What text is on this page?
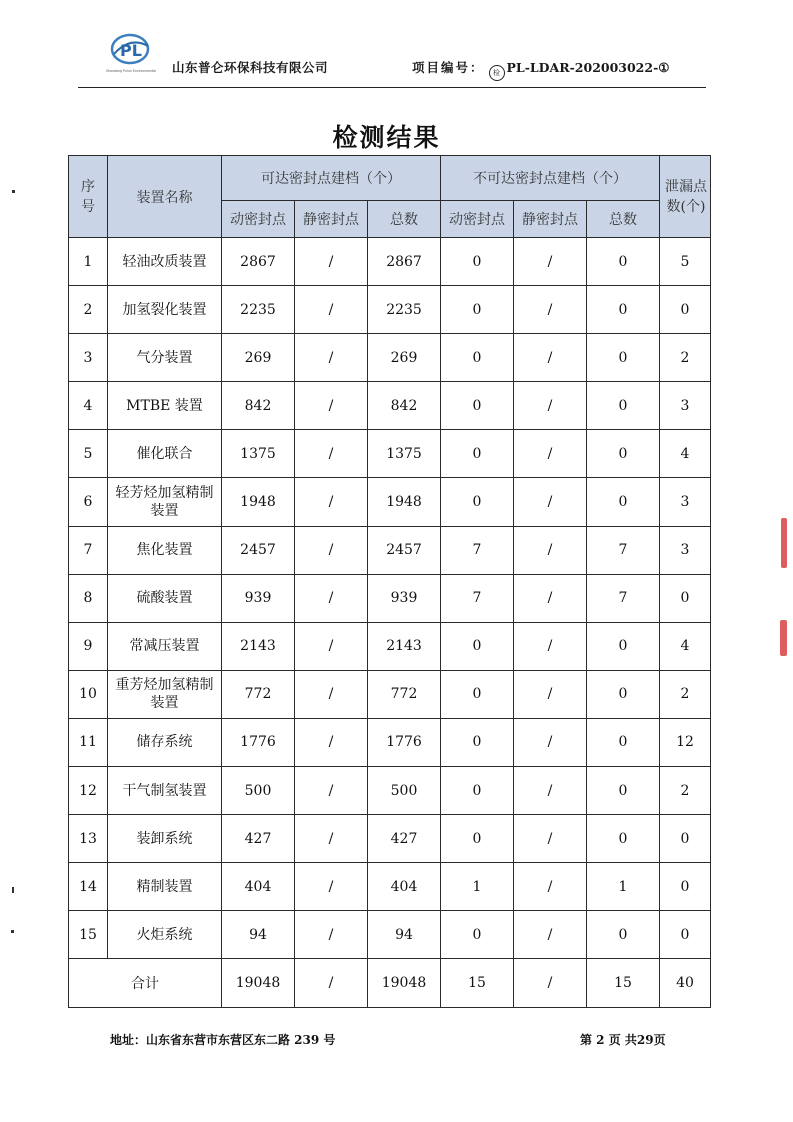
PL
Shandong Pulun Environmental 山东普仑环保科技有限公司	项目编号： 检 PL-LDAR-202003022-①
检测结果
序号	装置名称	可达密封点建档（个）			不可达密封点建档（个）			泄漏点数(个)
		动密封点	静密封点	总数	动密封点	静密封点	总数	
1	轻油改质装置	2867	/	2867	0	/	0	5
2	加氢裂化装置	2235	/	2235	0	/	0	0
3	气分装置	269	/	269	0	/	0	2
4	MTBE 装置	842	/	842	0	/	0	3
5	催化联合	1375	/	1375	0	/	0	4
6	轻芳烃加氢精制装置	1948	/	1948	0	/	0	3
7	焦化装置	2457	/	2457	7	/	7	3
8	硫酸装置	939	/	939	7	/	7	0
9	常减压装置	2143	/	2143	0	/	0	4
10	重芳烃加氢精制装置	772	/	772	0	/	0	2
11	储存系统	1776	/	1776	0	/	0	12
12	干气制氢装置	500	/	500	0	/	0	2
13	装卸系统	427	/	427	0	/	0	0
14	精制装置	404	/	404	1	/	1	0
15	火炬系统	94	/	94	0	/	0	0
合计		19048	/	19048	15	/	15	40
地址：山东省东营市东营区东二路 239 号	第 2 页 共29页
